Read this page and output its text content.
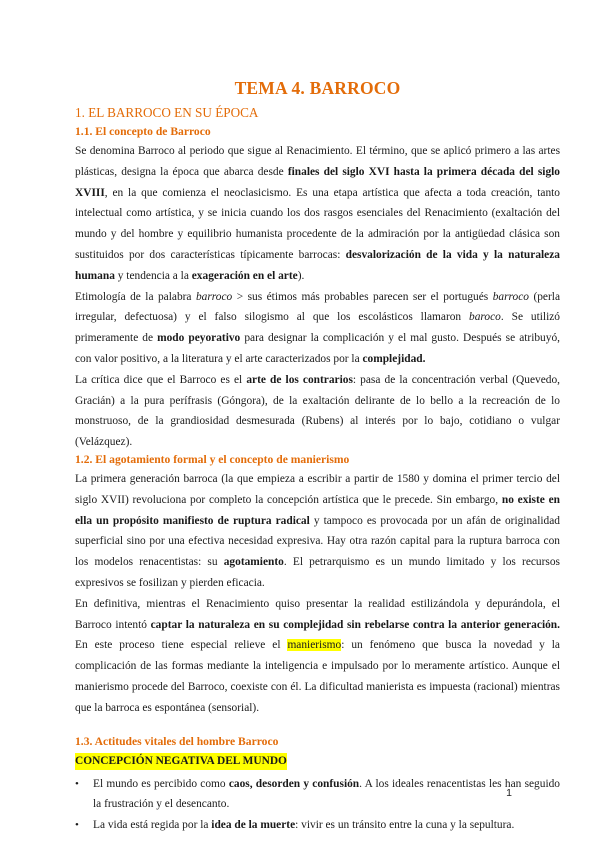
TEMA 4. BARROCO
1. EL BARROCO EN SU ÉPOCA
1.1. El concepto de Barroco

Se denomina Barroco al periodo que sigue al Renacimiento. El término, que se aplicó primero a las artes plásticas, designa la época que abarca desde finales del siglo XVI hasta la primera década del siglo XVIII, en la que comienza el neoclasicismo. Es una etapa artística que afecta a toda creación, tanto intelectual como artística, y se inicia cuando los dos rasgos esenciales del Renacimiento (exaltación del mundo y del hombre y equilibrio humanista procedente de la admiración por la antigüedad clásica son sustituidos por dos características típicamente barrocas: desvalorización de la vida y la naturaleza humana y tendencia a la exageración en el arte).

Etimología de la palabra barroco > sus étimos más probables parecen ser el portugués barroco (perla irregular, defectuosa) y el falso silogismo al que los escolásticos llamaron baroco. Se utilizó primeramente de modo peyorativo para designar la complicación y el mal gusto. Después se atribuyó, con valor positivo, a la literatura y el arte caracterizados por la complejidad.

La crítica dice que el Barroco es el arte de los contrarios: pasa de la concentración verbal (Quevedo, Gracián) a la pura perífrasis (Góngora), de la exaltación delirante de lo bello a la recreación de lo monstruoso, de la grandiosidad desmesurada (Rubens) al interés por lo bajo, cotidiano o vulgar (Velázquez).

1.2. El agotamiento formal y el concepto de manierismo

La primera generación barroca (la que empieza a escribir a partir de 1580 y domina el primer tercio del siglo XVII) revoluciona por completo la concepción artística que le precede. Sin embargo, no existe en ella un propósito manifiesto de ruptura radical y tampoco es provocada por un afán de originalidad superficial sino por una efectiva necesidad expresiva. Hay otra razón capital para la ruptura barroca con los modelos renacentistas: su agotamiento. El petrarquismo es un mundo limitado y los recursos expresivos se fosilizan y pierden eficacia.

En definitiva, mientras el Renacimiento quiso presentar la realidad estilizándola y depurándola, el Barroco intentó captar la naturaleza en su complejidad sin rebelarse contra la anterior generación. En este proceso tiene especial relieve el manierismo: un fenómeno que busca la novedad y la complicación de las formas mediante la inteligencia e impulsado por lo meramente artístico. Aunque el manierismo procede del Barroco, coexiste con él. La dificultad manierista es impuesta (racional) mientras que la barroca es espontánea (sensorial).

1.3. Actitudes vitales del hombre Barroco
CONCEPCIÓN NEGATIVA DEL MUNDO
• El mundo es percibido como caos, desorden y confusión. A los ideales renacentistas les han seguido la frustración y el desencanto.
• La vida está regida por la idea de la muerte: vivir es un tránsito entre la cuna y la sepultura.
1
